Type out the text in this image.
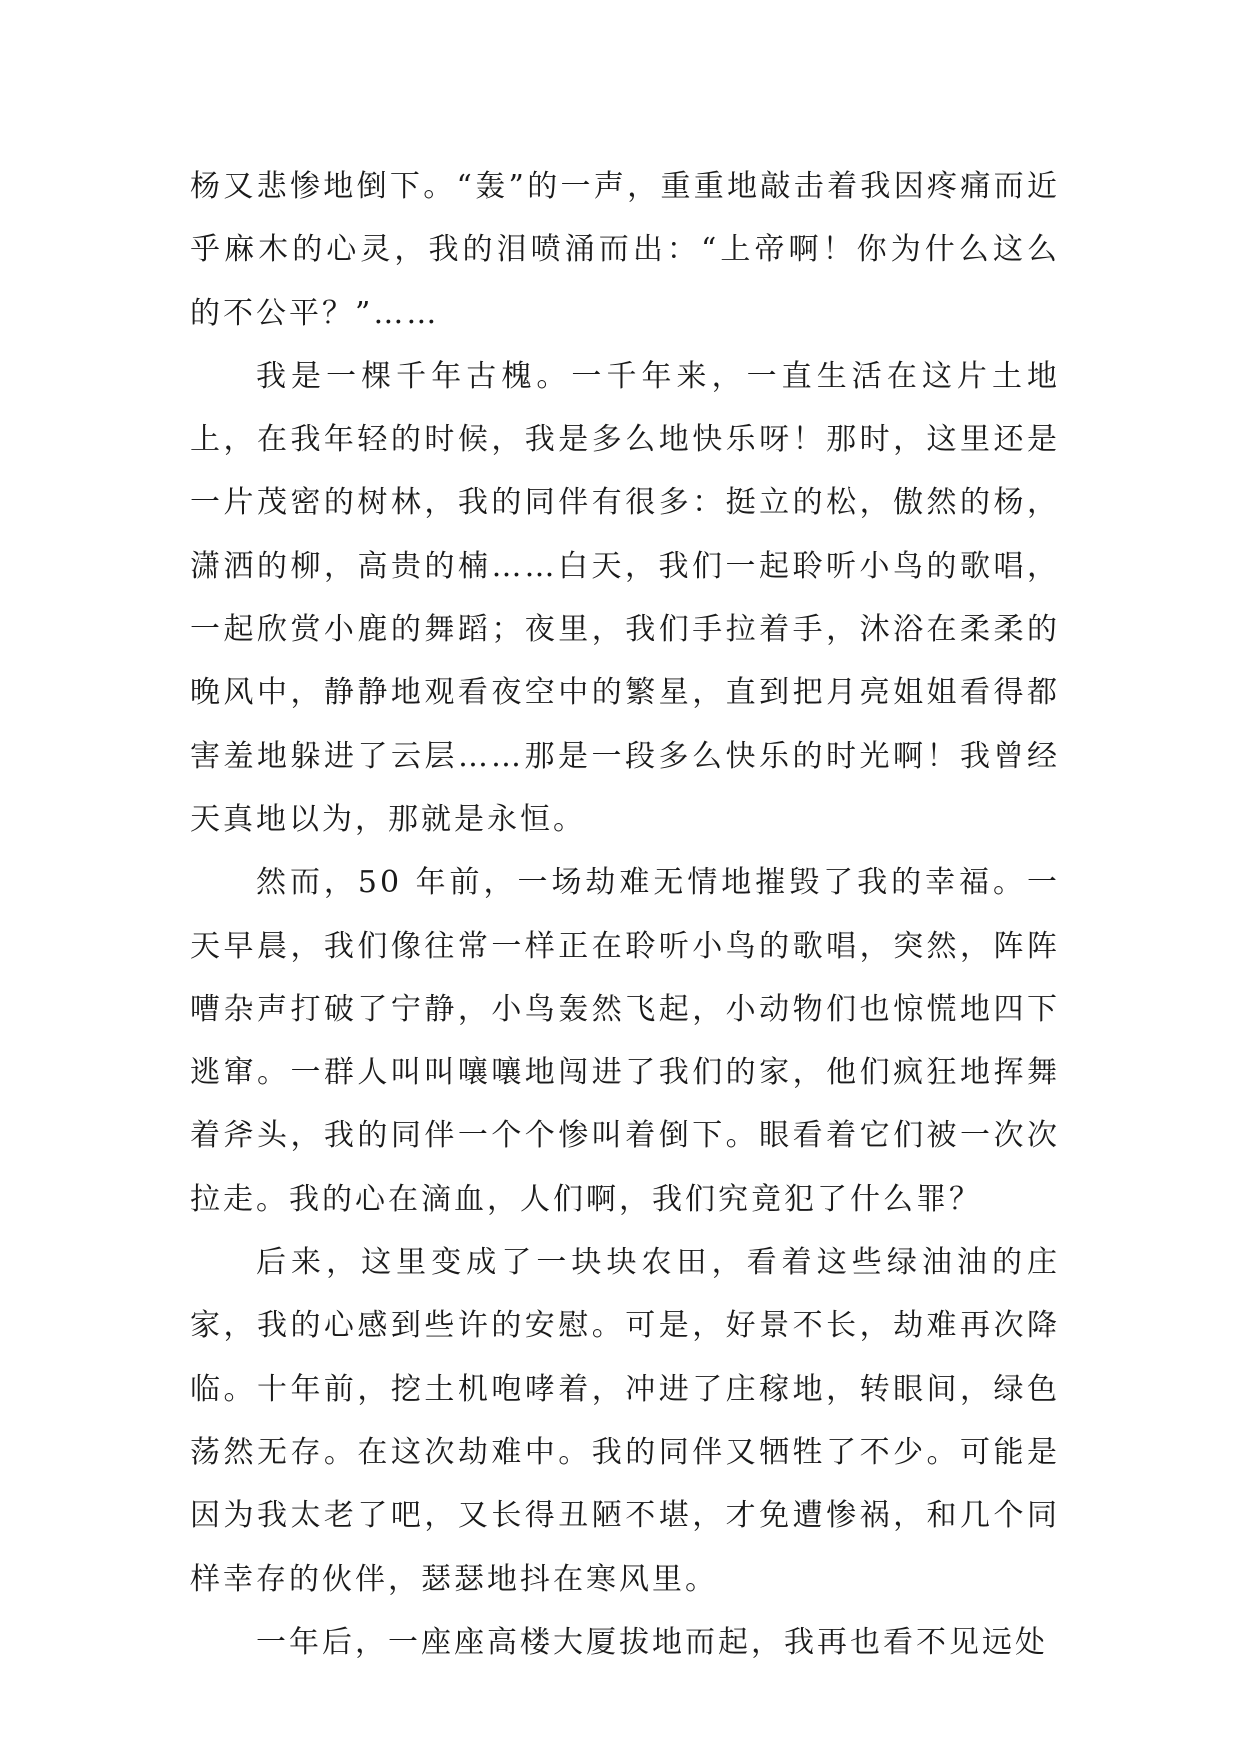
杨又悲惨地倒下。“轰”的一声，重重地敲击着我因疼痛而近乎麻木的心灵，我的泪喷涌而出：“上帝啊！你为什么这么的不公平？”……

我是一棵千年古槐。一千年来，一直生活在这片土地上，在我年轻的时候，我是多么地快乐呀！那时，这里还是一片茂密的树林，我的同伴有很多：挺立的松，傲然的杨，潇洒的柳，高贵的楠……白天，我们一起聆听小鸟的歌唱，一起欣赏小鹿的舞蹈；夜里，我们手拉着手，沐浴在柔柔的晚风中，静静地观看夜空中的繁星，直到把月亮姐姐看得都害羞地躲进了云层……那是一段多么快乐的时光啊！我曾经天真地以为，那就是永恒。

然而，50 年前，一场劫难无情地摧毁了我的幸福。一天早晨，我们像往常一样正在聆听小鸟的歌唱，突然，阵阵嘈杂声打破了宁静，小鸟轰然飞起，小动物们也惊慌地四下逃窜。一群人叫叫嚷嚷地闯进了我们的家，他们疯狂地挥舞着斧头，我的同伴一个个惨叫着倒下。眼看着它们被一次次拉走。我的心在滴血，人们啊，我们究竟犯了什么罪？

后来，这里变成了一块块农田，看着这些绿油油的庄家，我的心感到些许的安慰。可是，好景不长，劫难再次降临。十年前，挖土机咆哮着，冲进了庄稼地，转眼间，绿色荡然无存。在这次劫难中。我的同伴又牺牲了不少。可能是因为我太老了吧，又长得丑陋不堪，才免遭惨祸，和几个同样幸存的伙伴，瑟瑟地抖在寒风里。

一年后，一座座高楼大厦拔地而起，我再也看不见远处
